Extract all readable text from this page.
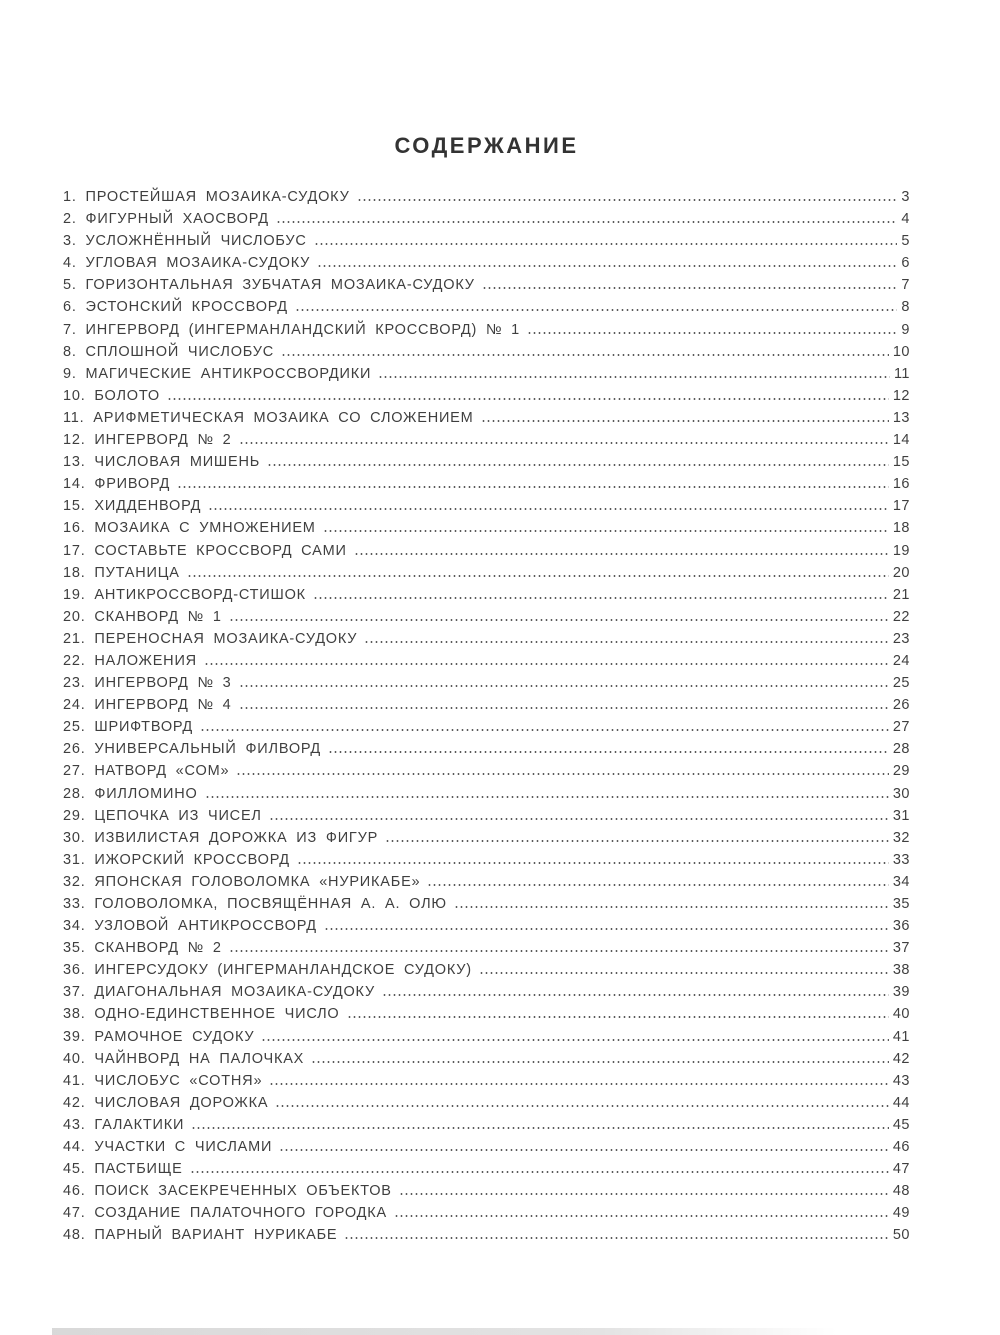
СОДЕРЖАНИЕ
1. ПРОСТЕЙШАЯ МОЗАИКА-СУДОКУ	3
2. ФИГУРНЫЙ ХАОСВОРД	4
3. УСЛОЖНЁННЫЙ ЧИСЛОБУС	5
4. УГЛОВАЯ МОЗАИКА-СУДОКУ	6
5. ГОРИЗОНТАЛЬНАЯ ЗУБЧАТАЯ МОЗАИКА-СУДОКУ	7
6. ЭСТОНСКИЙ КРОССВОРД	8
7. ИНГЕРВОРД (ИНГЕРМАНЛАНДСКИЙ КРОССВОРД) № 1	9
8. СПЛОШНОЙ ЧИСЛОБУС	10
9. МАГИЧЕСКИЕ АНТИКРОССВОРДИКИ	11
10. БОЛОТО	12
11. АРИФМЕТИЧЕСКАЯ МОЗАИКА СО СЛОЖЕНИЕМ	13
12. ИНГЕРВОРД № 2	14
13. ЧИСЛОВАЯ МИШЕНЬ	15
14. ФРИВОРД	16
15. ХИДДЕНВОРД	17
16. МОЗАИКА С УМНОЖЕНИЕМ	18
17. СОСТАВЬТЕ КРОССВОРД САМИ	19
18. ПУТАНИЦА	20
19. АНТИКРОССВОРД-СТИШОК	21
20. СКАНВОРД № 1	22
21. ПЕРЕНОСНАЯ МОЗАИКА-СУДОКУ	23
22. НАЛОЖЕНИЯ	24
23. ИНГЕРВОРД № 3	25
24. ИНГЕРВОРД № 4	26
25. ШРИФТВОРД	27
26. УНИВЕРСАЛЬНЫЙ ФИЛВОРД	28
27. НАТВОРД «СОМ»	29
28. ФИЛЛОМИНО	30
29. ЦЕПОЧКА ИЗ ЧИСЕЛ	31
30. ИЗВИЛИСТАЯ ДОРОЖКА ИЗ ФИГУР	32
31. ИЖОРСКИЙ КРОССВОРД	33
32. ЯПОНСКАЯ ГОЛОВОЛОМКА «НУРИКАБЕ»	34
33. ГОЛОВОЛОМКА, ПОСВЯЩЁННАЯ А. А. ОЛЮ	35
34. УЗЛОВОЙ АНТИКРОССВОРД	36
35. СКАНВОРД № 2	37
36. ИНГЕРСУДОКУ (ИНГЕРМАНЛАНДСКОЕ СУДОКУ)	38
37. ДИАГОНАЛЬНАЯ МОЗАИКА-СУДОКУ	39
38. ОДНО-ЕДИНСТВЕННОЕ ЧИСЛО	40
39. РАМОЧНОЕ СУДОКУ	41
40. ЧАЙНВОРД НА ПАЛОЧКАХ	42
41. ЧИСЛОБУС «СОТНЯ»	43
42. ЧИСЛОВАЯ ДОРОЖКА	44
43. ГАЛАКТИКИ	45
44. УЧАСТКИ С ЧИСЛАМИ	46
45. ПАСТБИЩЕ	47
46. ПОИСК ЗАСЕКРЕЧЕННЫХ ОБЪЕКТОВ	48
47. СОЗДАНИЕ ПАЛАТОЧНОГО ГОРОДКА	49
48. ПАРНЫЙ ВАРИАНТ НУРИКАБЕ	50
